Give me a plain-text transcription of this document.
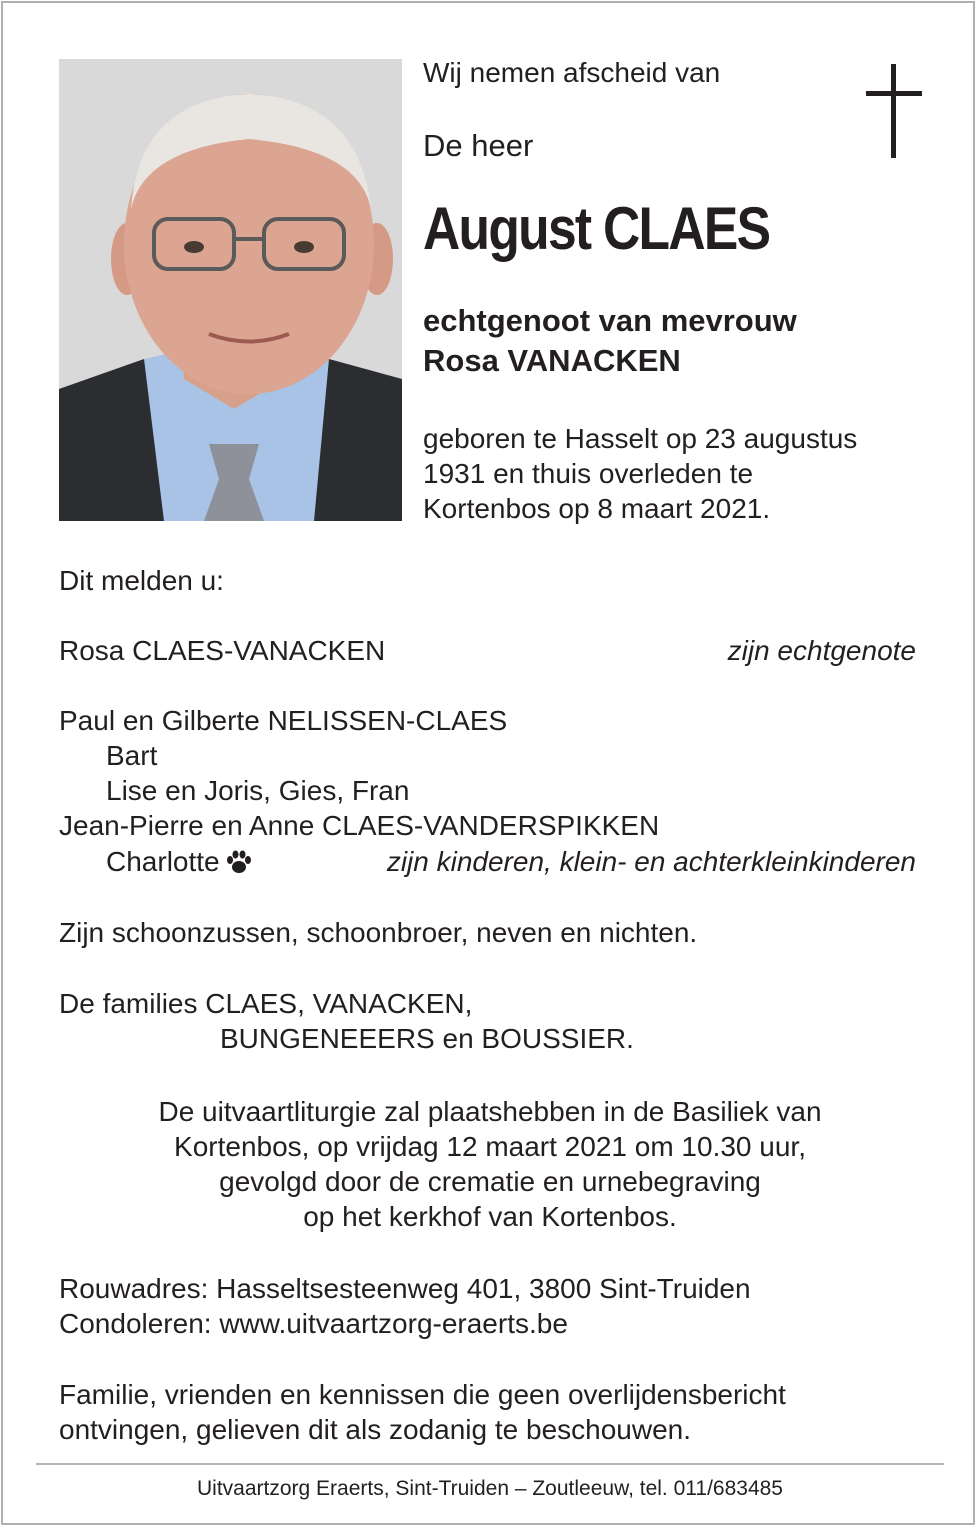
Wij nemen afscheid van
De heer
August CLAES
echtgenoot van mevrouw
Rosa VANACKEN
geboren te Hasselt op 23 augustus
1931 en thuis overleden te
Kortenbos op 8 maart 2021.
Dit melden u:
Rosa CLAES-VANACKEN	zijn echtgenote
Paul en Gilberte NELISSEN-CLAES
Bart
Lise en Joris, Gies, Fran
Jean-Pierre en Anne CLAES-VANDERSPIKKEN
Charlotte	zijn kinderen, klein- en achterkleinkinderen
Zijn schoonzussen, schoonbroer, neven en nichten.
De families CLAES, VANACKEN,
BUNGENEEERS en BOUSSIER.
De uitvaartliturgie zal plaatshebben in de Basiliek van
Kortenbos, op vrijdag 12 maart 2021 om 10.30 uur,
gevolgd door de crematie en urnebegraving
op het kerkhof van Kortenbos.
Rouwadres: Hasseltsesteenweg 401, 3800 Sint-Truiden
Condoleren: www.uitvaartzorg-eraerts.be
Familie, vrienden en kennissen die geen overlijdensbericht
ontvingen, gelieven dit als zodanig te beschouwen.
Uitvaartzorg Eraerts, Sint-Truiden – Zoutleeuw, tel. 011/683485
